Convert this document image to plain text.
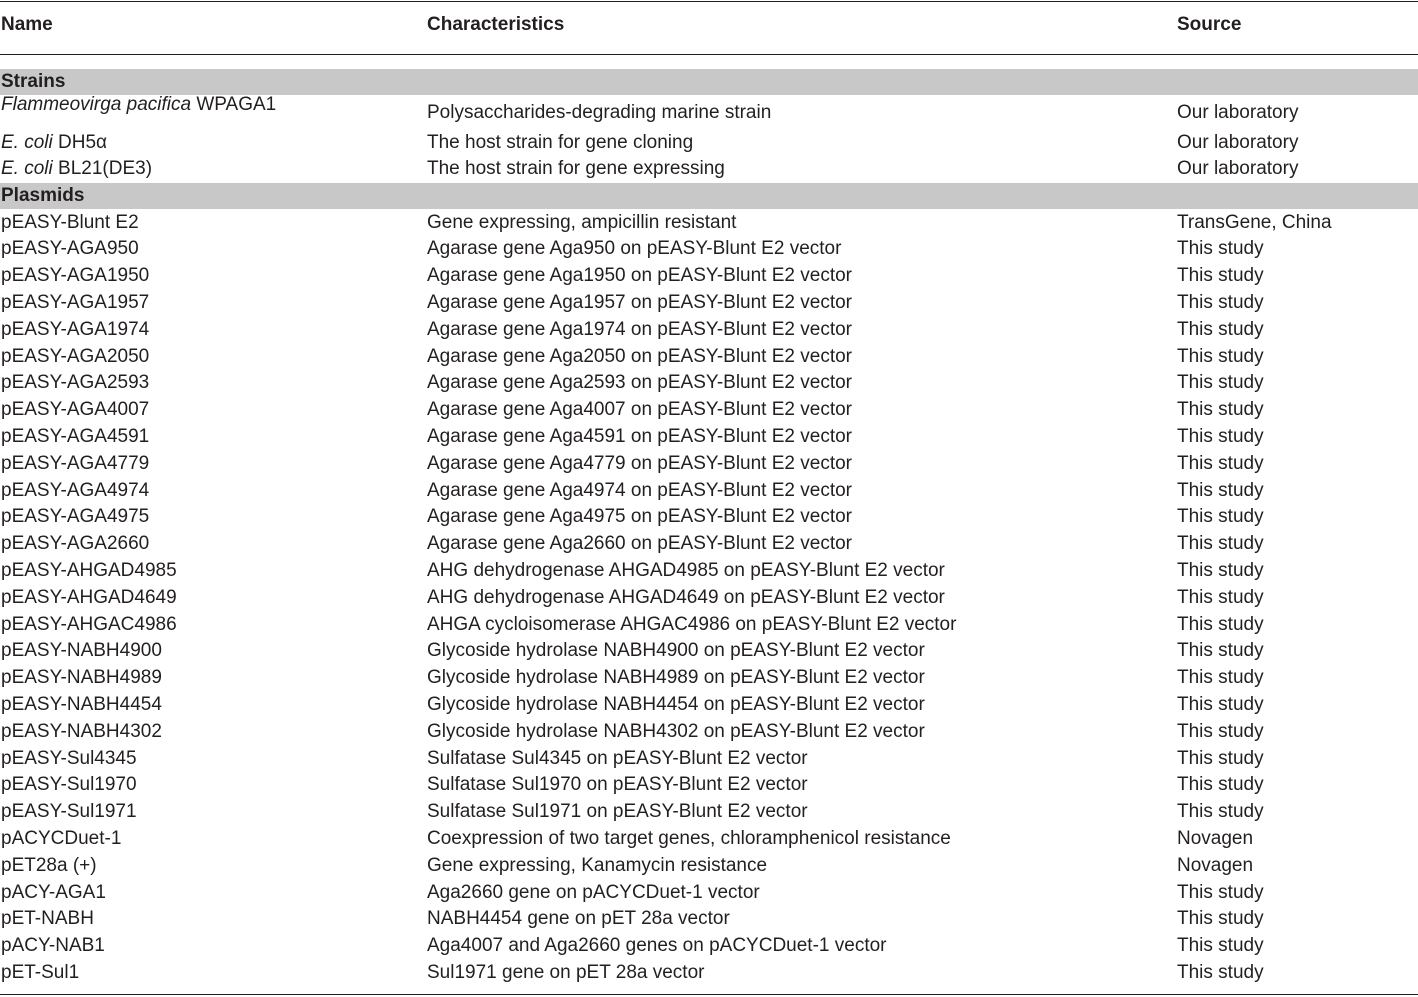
Name	Characteristics	Source
Strains
Flammeovirga pacifica WPAGA1	Polysaccharides-degrading marine strain	Our laboratory
E. coli DH5α	The host strain for gene cloning	Our laboratory
E. coli BL21(DE3)	The host strain for gene expressing	Our laboratory
Plasmids
pEASY-Blunt E2	Gene expressing, ampicillin resistant	TransGene, China
pEASY-AGA950	Agarase gene Aga950 on pEASY-Blunt E2 vector	This study
pEASY-AGA1950	Agarase gene Aga1950 on pEASY-Blunt E2 vector	This study
pEASY-AGA1957	Agarase gene Aga1957 on pEASY-Blunt E2 vector	This study
pEASY-AGA1974	Agarase gene Aga1974 on pEASY-Blunt E2 vector	This study
pEASY-AGA2050	Agarase gene Aga2050 on pEASY-Blunt E2 vector	This study
pEASY-AGA2593	Agarase gene Aga2593 on pEASY-Blunt E2 vector	This study
pEASY-AGA4007	Agarase gene Aga4007 on pEASY-Blunt E2 vector	This study
pEASY-AGA4591	Agarase gene Aga4591 on pEASY-Blunt E2 vector	This study
pEASY-AGA4779	Agarase gene Aga4779 on pEASY-Blunt E2 vector	This study
pEASY-AGA4974	Agarase gene Aga4974 on pEASY-Blunt E2 vector	This study
pEASY-AGA4975	Agarase gene Aga4975 on pEASY-Blunt E2 vector	This study
pEASY-AGA2660	Agarase gene Aga2660 on pEASY-Blunt E2 vector	This study
pEASY-AHGAD4985	AHG dehydrogenase AHGAD4985 on pEASY-Blunt E2 vector	This study
pEASY-AHGAD4649	AHG dehydrogenase AHGAD4649 on pEASY-Blunt E2 vector	This study
pEASY-AHGAC4986	AHGA cycloisomerase AHGAC4986 on pEASY-Blunt E2 vector	This study
pEASY-NABH4900	Glycoside hydrolase NABH4900 on pEASY-Blunt E2 vector	This study
pEASY-NABH4989	Glycoside hydrolase NABH4989 on pEASY-Blunt E2 vector	This study
pEASY-NABH4454	Glycoside hydrolase NABH4454 on pEASY-Blunt E2 vector	This study
pEASY-NABH4302	Glycoside hydrolase NABH4302 on pEASY-Blunt E2 vector	This study
pEASY-Sul4345	Sulfatase Sul4345 on pEASY-Blunt E2 vector	This study
pEASY-Sul1970	Sulfatase Sul1970 on pEASY-Blunt E2 vector	This study
pEASY-Sul1971	Sulfatase Sul1971 on pEASY-Blunt E2 vector	This study
pACYCDuet-1	Coexpression of two target genes, chloramphenicol resistance	Novagen
pET28a (+)	Gene expressing, Kanamycin resistance	Novagen
pACY-AGA1	Aga2660 gene on pACYCDuet-1 vector	This study
pET-NABH	NABH4454 gene on pET 28a vector	This study
pACY-NAB1	Aga4007 and Aga2660 genes on pACYCDuet-1 vector	This study
pET-Sul1	Sul1971 gene on pET 28a vector	This study
